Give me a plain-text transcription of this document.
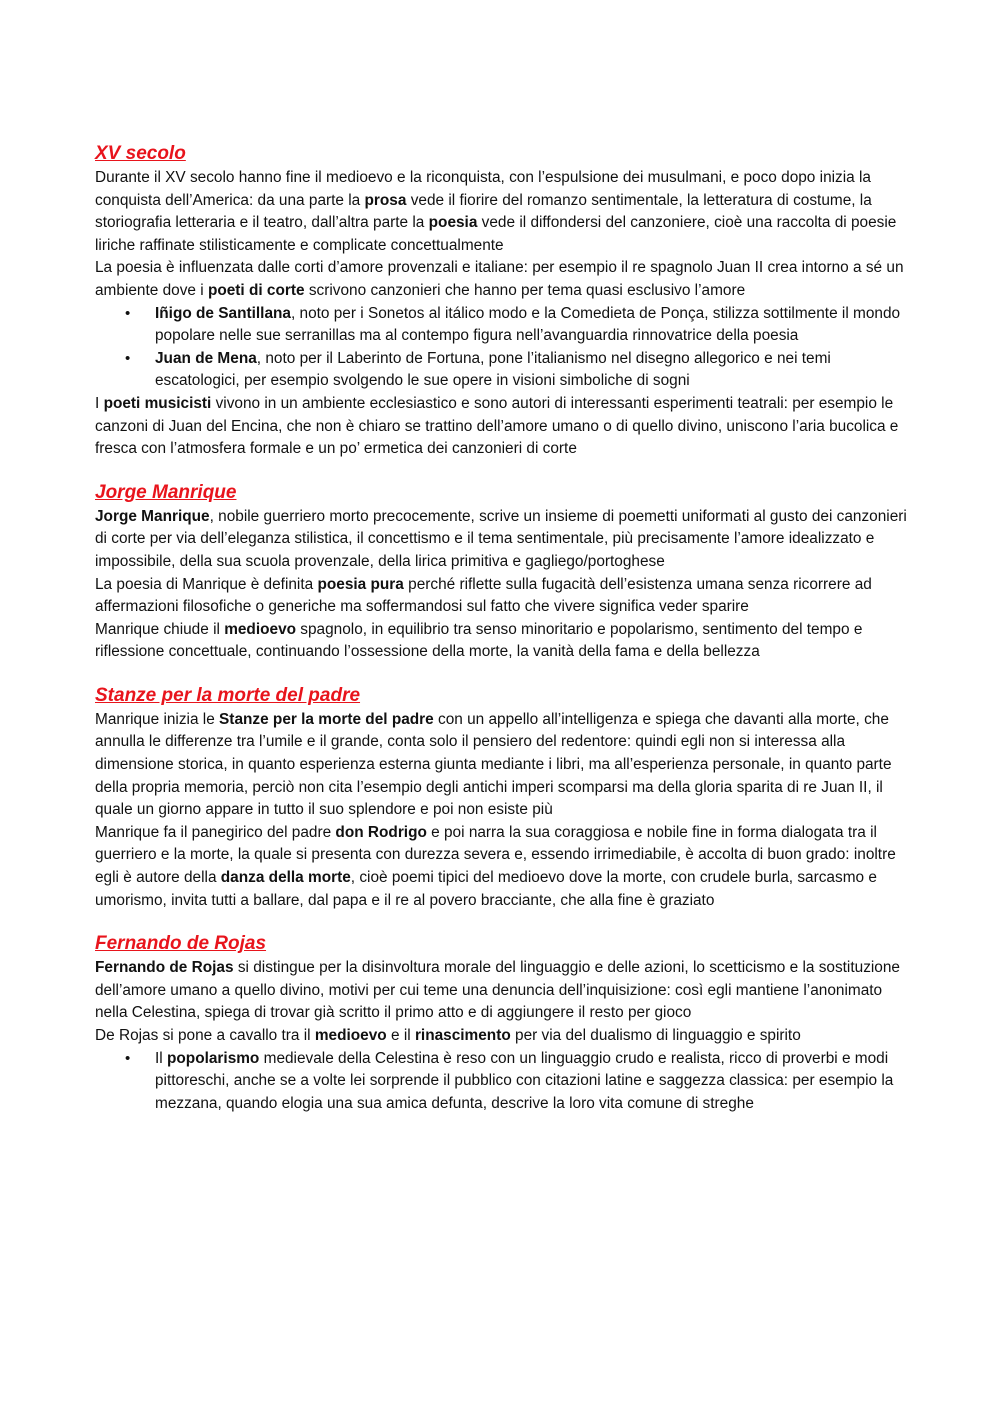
XV secolo

Durante il XV secolo hanno fine il medioevo e la riconquista, con l’espulsione dei musulmani, e poco dopo inizia la conquista dell’America: da una parte la prosa vede il fiorire del romanzo sentimentale, la letteratura di costume, la storiografia letteraria e il teatro, dall’altra parte la poesia vede il diffondersi del canzoniere, cioè una raccolta di poesie liriche raffinate stilisticamente e complicate concettualmente

La poesia è influenzata dalle corti d’amore provenzali e italiane: per esempio il re spagnolo Juan II crea intorno a sé un ambiente dove i poeti di corte scrivono canzonieri che hanno per tema quasi esclusivo l’amore

• Iñigo de Santillana, noto per i Sonetos al itálico modo e la Comedieta de Ponça, stilizza sottilmente il mondo popolare nelle sue serranillas ma al contempo figura nell’avanguardia rinnovatrice della poesia
• Juan de Mena, noto per il Laberinto de Fortuna, pone l’italianismo nel disegno allegorico e nei temi escatologici, per esempio svolgendo le sue opere in visioni simboliche di sogni

I poeti musicisti vivono in un ambiente ecclesiastico e sono autori di interessanti esperimenti teatrali: per esempio le canzoni di Juan del Encina, che non è chiaro se trattino dell’amore umano o di quello divino, uniscono l’aria bucolica e fresca con l’atmosfera formale e un po’ ermetica dei canzonieri di corte

Jorge Manrique

Jorge Manrique, nobile guerriero morto precocemente, scrive un insieme di poemetti uniformati al gusto dei canzonieri di corte per via dell’eleganza stilistica, il concettismo e il tema sentimentale, più precisamente l’amore idealizzato e impossibile, della sua scuola provenzale, della lirica primitiva e gagliego/portoghese

La poesia di Manrique è definita poesia pura perché riflette sulla fugacità dell’esistenza umana senza ricorrere ad affermazioni filosofiche o generiche ma soffermandosi sul fatto che vivere significa veder sparire

Manrique chiude il medioevo spagnolo, in equilibrio tra senso minoritario e popolarismo, sentimento del tempo e riflessione concettuale, continuando l’ossessione della morte, la vanità della fama e della bellezza

Stanze per la morte del padre

Manrique inizia le Stanze per la morte del padre con un appello all’intelligenza e spiega che davanti alla morte, che annulla le differenze tra l’umile e il grande, conta solo il pensiero del redentore: quindi egli non si interessa alla dimensione storica, in quanto esperienza esterna giunta mediante i libri, ma all’esperienza personale, in quanto parte della propria memoria, perciò non cita l’esempio degli antichi imperi scomparsi ma della gloria sparita di re Juan II, il quale un giorno appare in tutto il suo splendore e poi non esiste più

Manrique fa il panegirico del padre don Rodrigo e poi narra la sua coraggiosa e nobile fine in forma dialogata tra il guerriero e la morte, la quale si presenta con durezza severa e, essendo irrimediabile, è accolta di buon grado: inoltre egli è autore della danza della morte, cioè poemi tipici del medioevo dove la morte, con crudele burla, sarcasmo e umorismo, invita tutti a ballare, dal papa e il re al povero bracciante, che alla fine è graziato

Fernando de Rojas

Fernando de Rojas si distingue per la disinvoltura morale del linguaggio e delle azioni, lo scetticismo e la sostituzione dell’amore umano a quello divino, motivi per cui teme una denuncia dell’inquisizione: così egli mantiene l’anonimato nella Celestina, spiega di trovar già scritto il primo atto e di aggiungere il resto per gioco

De Rojas si pone a cavallo tra il medioevo e il rinascimento per via del dualismo di linguaggio e spirito

• Il popolarismo medievale della Celestina è reso con un linguaggio crudo e realista, ricco di proverbi e modi pittoreschi, anche se a volte lei sorprende il pubblico con citazioni latine e saggezza classica: per esempio la mezzana, quando elogia una sua amica defunta, descrive la loro vita comune di streghe
